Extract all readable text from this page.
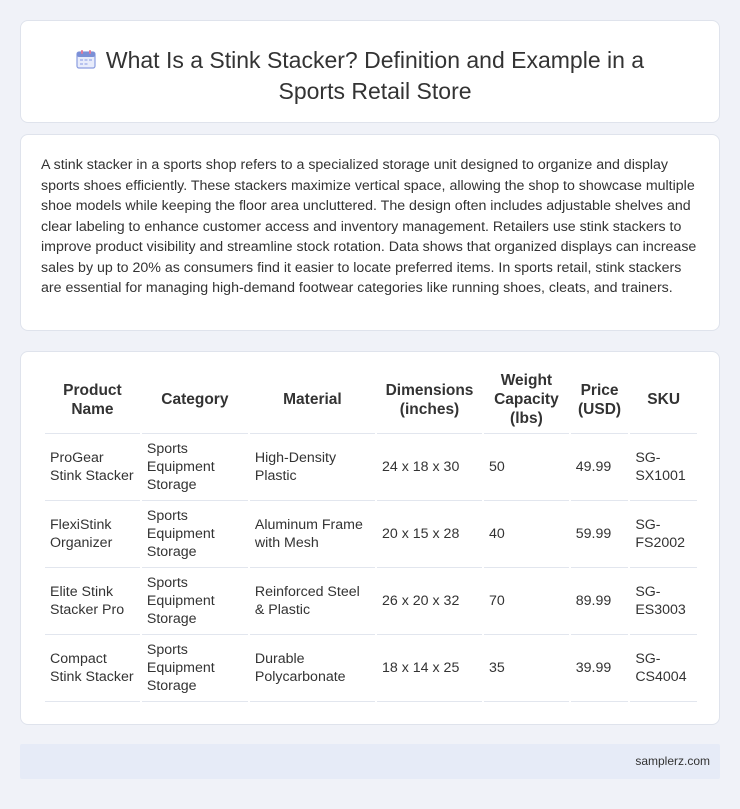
What Is a Stink Stacker? Definition and Example in a Sports Retail Store

A stink stacker in a sports shop refers to a specialized storage unit designed to organize and display sports shoes efficiently. These stackers maximize vertical space, allowing the shop to showcase multiple shoe models while keeping the floor area uncluttered. The design often includes adjustable shelves and clear labeling to enhance customer access and inventory management. Retailers use stink stackers to improve product visibility and streamline stock rotation. Data shows that organized displays can increase sales by up to 20% as consumers find it easier to locate preferred items. In sports retail, stink stackers are essential for managing high-demand footwear categories like running shoes, cleats, and trainers.

Product Name	Category	Material	Dimensions (inches)	Weight Capacity (lbs)	Price (USD)	SKU
ProGear Stink Stacker	Sports Equipment Storage	High-Density Plastic	24 x 18 x 30	50	49.99	SG-SX1001
FlexiStink Organizer	Sports Equipment Storage	Aluminum Frame with Mesh	20 x 15 x 28	40	59.99	SG-FS2002
Elite Stink Stacker Pro	Sports Equipment Storage	Reinforced Steel & Plastic	26 x 20 x 32	70	89.99	SG-ES3003
Compact Stink Stacker	Sports Equipment Storage	Durable Polycarbonate	18 x 14 x 25	35	39.99	SG-CS4004
samplerz.com
